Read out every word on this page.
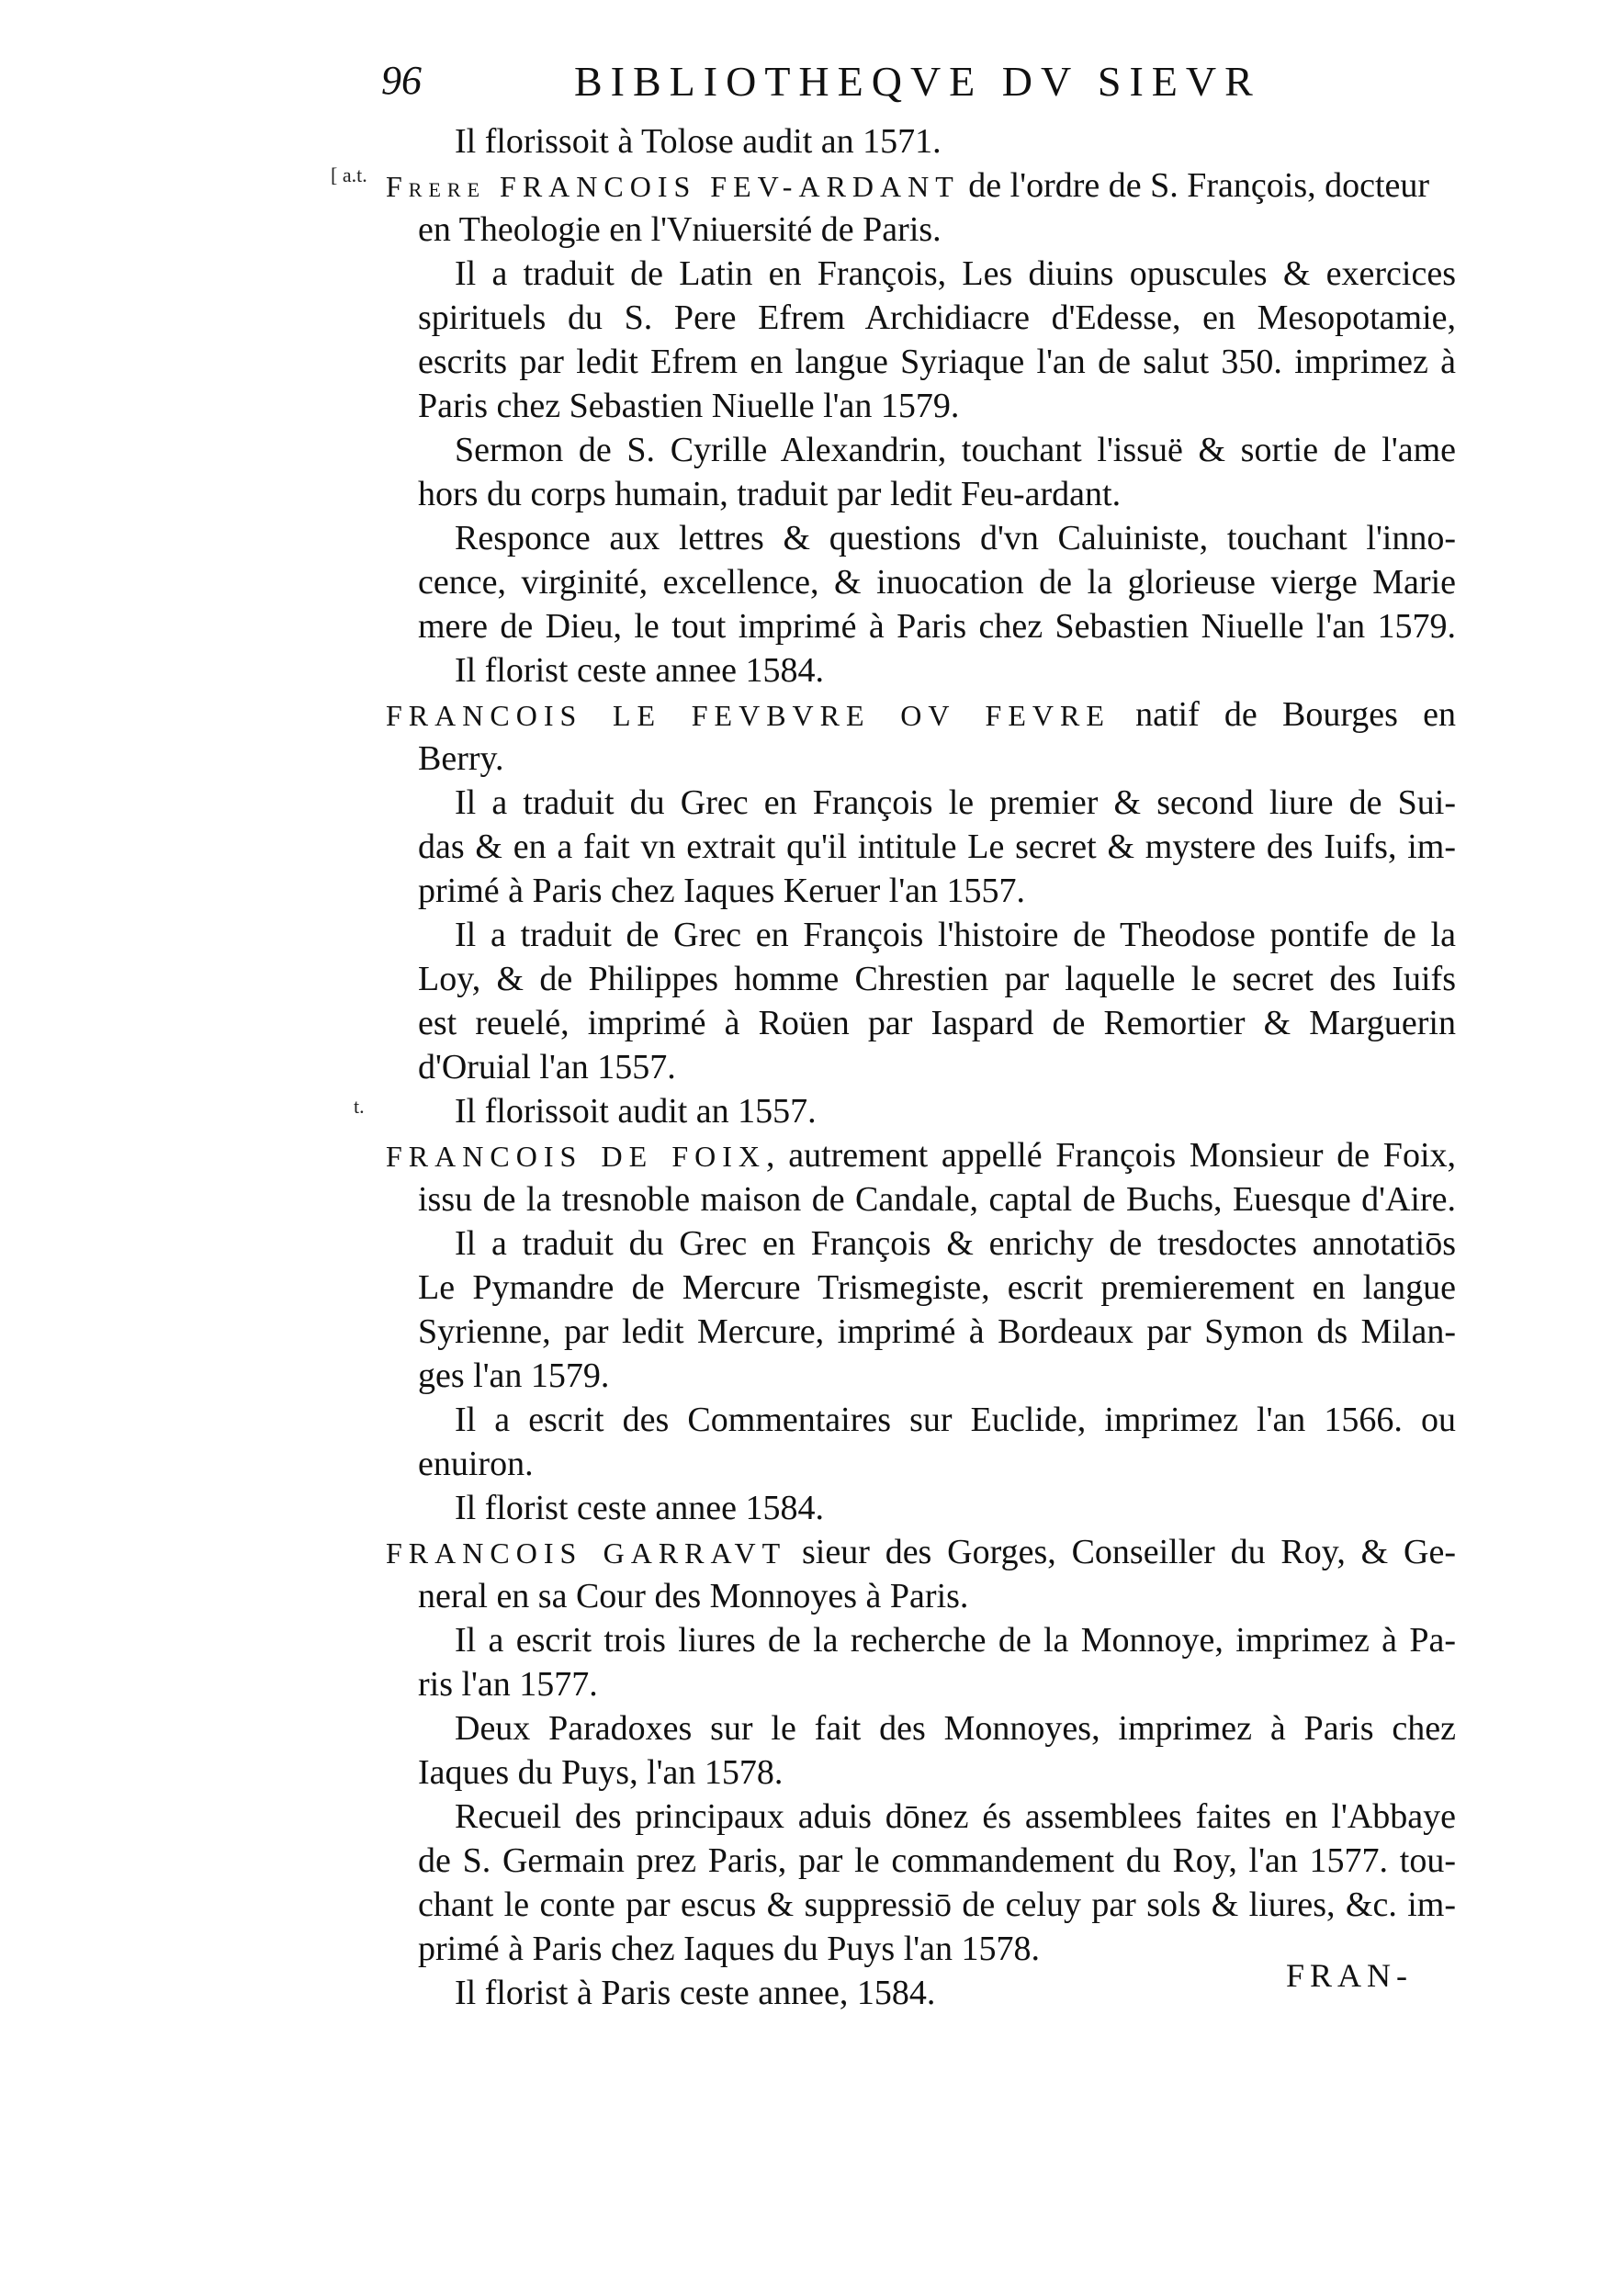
96	BIBLIOTHEQVE DV SIEVR
[ a.t.
t.
Il florissoit à Tolose audit an 1571.
Frere FRANCOIS FEV-ARDANT de l'ordre de S. François, docteur
en Theologie en l'Vniuersité de Paris.
Il a traduit de Latin en François, Les diuins opuscules & exercices
spirituels du S. Pere Efrem Archidiacre d'Edesse, en Mesopotamie,
escrits par ledit Efrem en langue Syriaque l'an de salut 350. imprimez à
Paris chez Sebastien Niuelle l'an 1579.
Sermon de S. Cyrille Alexandrin, touchant l'issuë & sortie de l'ame
hors du corps humain, traduit par ledit Feu-ardant.
Responce aux lettres & questions d'vn Caluiniste, touchant l'inno-
cence, virginité, excellence, & inuocation de la glorieuse vierge Marie
mere de Dieu, le tout imprimé à Paris chez Sebastien Niuelle l'an 1579.
Il florist ceste annee 1584.
FRANCOIS LE FEVBVRE OV FEVRE natif de Bourges en
Berry.
Il a traduit du Grec en François le premier & second liure de Sui-
das & en a fait vn extrait qu'il intitule Le secret & mystere des Iuifs, im-
primé à Paris chez Iaques Keruer l'an 1557.
Il a traduit de Grec en François l'histoire de Theodose pontife de la
Loy, & de Philippes homme Chrestien par laquelle le secret des Iuifs
est reuelé, imprimé à Roüen par Iaspard de Remortier & Marguerin
d'Oruial l'an 1557.
Il florissoit audit an 1557.
FRANCOIS DE FOIX, autrement appellé François Monsieur de Foix,
issu de la tresnoble maison de Candale, captal de Buchs, Euesque d'Aire.
Il a traduit du Grec en François & enrichy de tresdoctes annotatiōs
Le Pymandre de Mercure Trismegiste, escrit premierement en langue
Syrienne, par ledit Mercure, imprimé à Bordeaux par Symon ds Milan-
ges l'an 1579.
Il a escrit des Commentaires sur Euclide, imprimez l'an 1566. ou
enuiron.
Il florist ceste annee 1584.
FRANCOIS GARRAVT sieur des Gorges, Conseiller du Roy, & Ge-
neral en sa Cour des Monnoyes à Paris.
Il a escrit trois liures de la recherche de la Monnoye, imprimez à Pa-
ris l'an 1577.
Deux Paradoxes sur le fait des Monnoyes, imprimez à Paris chez
Iaques du Puys, l'an 1578.
Recueil des principaux aduis dōnez és assemblees faites en l'Abbaye
de S. Germain prez Paris, par le commandement du Roy, l'an 1577. tou-
chant le conte par escus & suppressiō de celuy par sols & liures, &c. im-
primé à Paris chez Iaques du Puys l'an 1578.
Il florist à Paris ceste annee, 1584.	FRAN-
